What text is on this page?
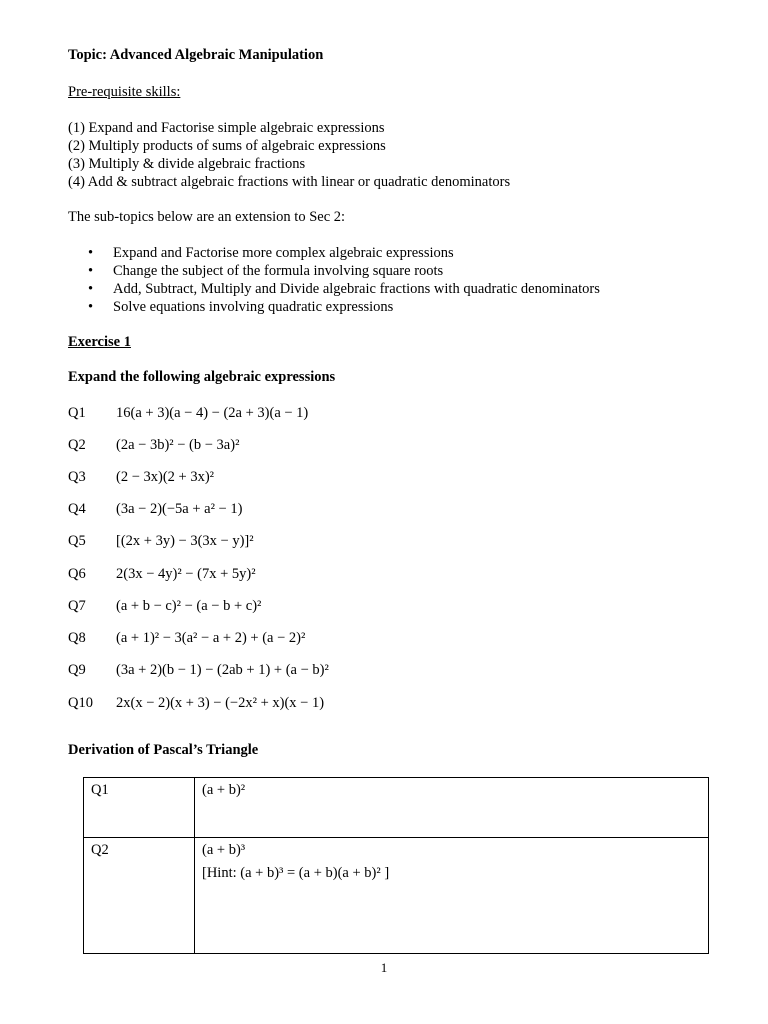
Topic: Advanced Algebraic Manipulation
Pre-requisite skills:
(1) Expand and Factorise simple algebraic expressions
(2) Multiply products of sums of algebraic expressions
(3) Multiply & divide algebraic fractions
(4) Add & subtract algebraic fractions with linear or quadratic denominators
The sub-topics below are an extension to Sec 2:
• Expand and Factorise more complex algebraic expressions
• Change the subject of the formula involving square roots
• Add, Subtract, Multiply and Divide algebraic fractions with quadratic denominators
• Solve equations involving quadratic expressions
Exercise 1
Expand the following algebraic expressions
Q1 16(a + 3)(a − 4) − (2a + 3)(a − 1)
Q2 (2a − 3b)² − (b − 3a)²
Q3 (2 − 3x)(2 + 3x)²
Q4 (3a − 2)(−5a + a² − 1)
Q5 [(2x + 3y) − 3(3x − y)]²
Q6 2(3x − 4y)² − (7x + 5y)²
Q7 (a + b − c)² − (a − b + c)²
Q8 (a + 1)² − 3(a² − a + 2) + (a − 2)²
Q9 (3a + 2)(b − 1) − (2ab + 1) + (a − b)²
Q10 2x(x − 2)(x + 3) − (−2x² + x)(x − 1)
Derivation of Pascal’s Triangle
Q1	(a + b)²
Q2	(a + b)³
[Hint: (a + b)³ = (a + b)(a + b)² ]
1
